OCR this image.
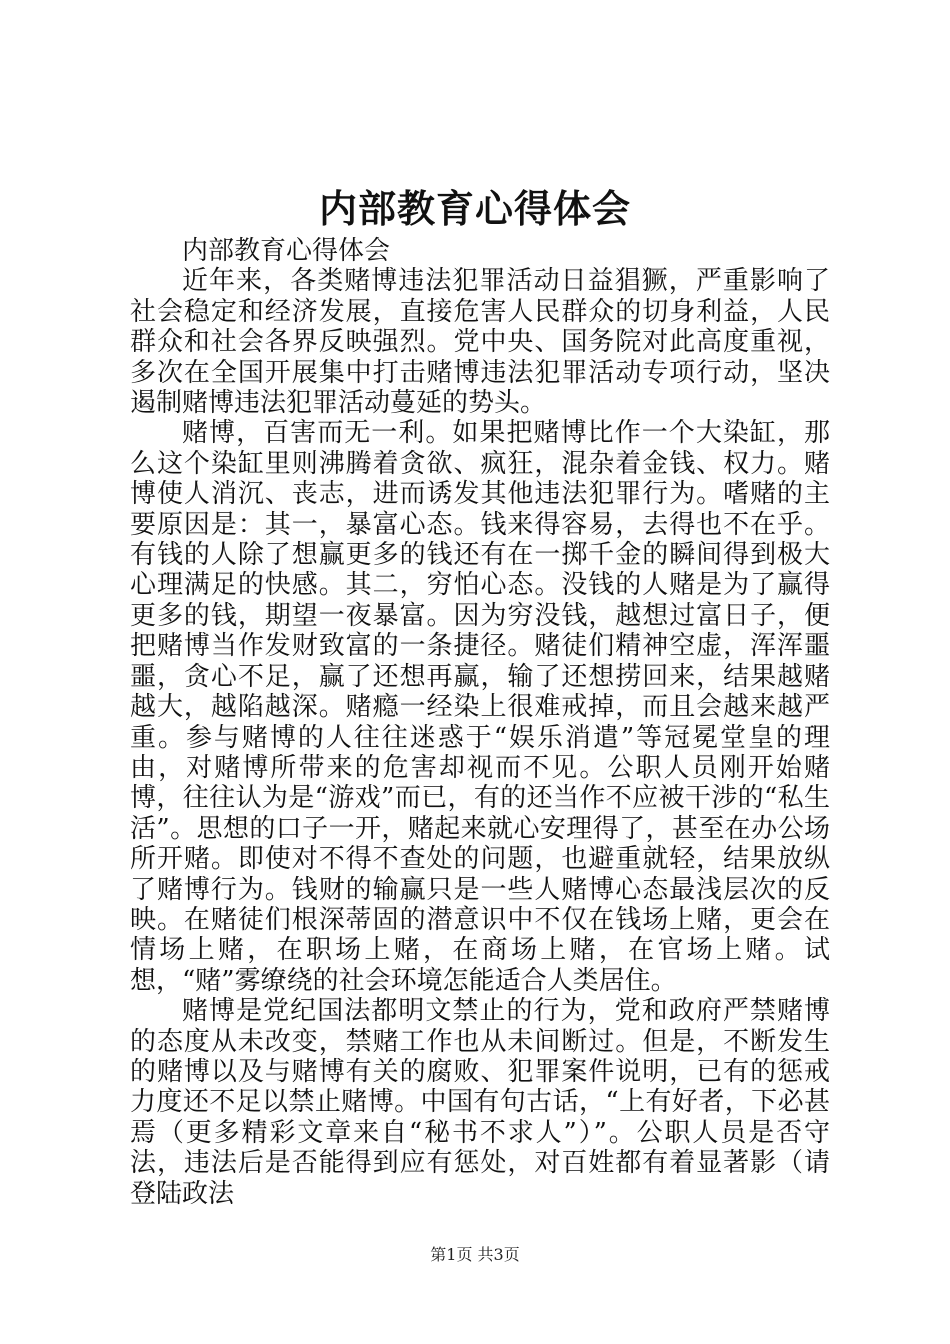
内部教育心得体会

内部教育心得体会

近年来，各类赌博违法犯罪活动日益猖獗，严重影响了社会稳定和经济发展，直接危害人民群众的切身利益，人民群众和社会各界反映强烈。党中央、国务院对此高度重视，多次在全国开展集中打击赌博违法犯罪活动专项行动，坚决遏制赌博违法犯罪活动蔓延的势头。

赌博，百害而无一利。如果把赌博比作一个大染缸，那么这个染缸里则沸腾着贪欲、疯狂，混杂着金钱、权力。赌博使人消沉、丧志，进而诱发其他违法犯罪行为。嗜赌的主要原因是：其一，暴富心态。钱来得容易，去得也不在乎。有钱的人除了想赢更多的钱还有在一掷千金的瞬间得到极大心理满足的快感。其二，穷怕心态。没钱的人赌是为了赢得更多的钱，期望一夜暴富。因为穷没钱，越想过富日子，便把赌博当作发财致富的一条捷径。赌徒们精神空虚，浑浑噩噩，贪心不足，赢了还想再赢，输了还想捞回来，结果越赌越大，越陷越深。赌瘾一经染上很难戒掉，而且会越来越严重。参与赌博的人往往迷惑于“娱乐消遣”等冠冕堂皇的理由，对赌博所带来的危害却视而不见。公职人员刚开始赌博，往往认为是“游戏”而已，有的还当作不应被干涉的“私生活”。思想的口子一开，赌起来就心安理得了，甚至在办公场所开赌。即使对不得不查处的问题，也避重就轻，结果放纵了赌博行为。钱财的输赢只是一些人赌博心态最浅层次的反映。在赌徒们根深蒂固的潜意识中不仅在钱场上赌，更会在情场上赌，在职场上赌，在商场上赌，在官场上赌。试想，“赌”雾缭绕的社会环境怎能适合人类居住。

赌博是党纪国法都明文禁止的行为，党和政府严禁赌博的态度从未改变，禁赌工作也从未间断过。但是，不断发生的赌博以及与赌博有关的腐败、犯罪案件说明，已有的惩戒力度还不足以禁止赌博。中国有句古话，“上有好者，下必甚焉（更多精彩文章来自“秘书不求人”）”。公职人员是否守法，违法后是否能得到应有惩处，对百姓都有着显著影（请登陆政法

第1页 共3页
